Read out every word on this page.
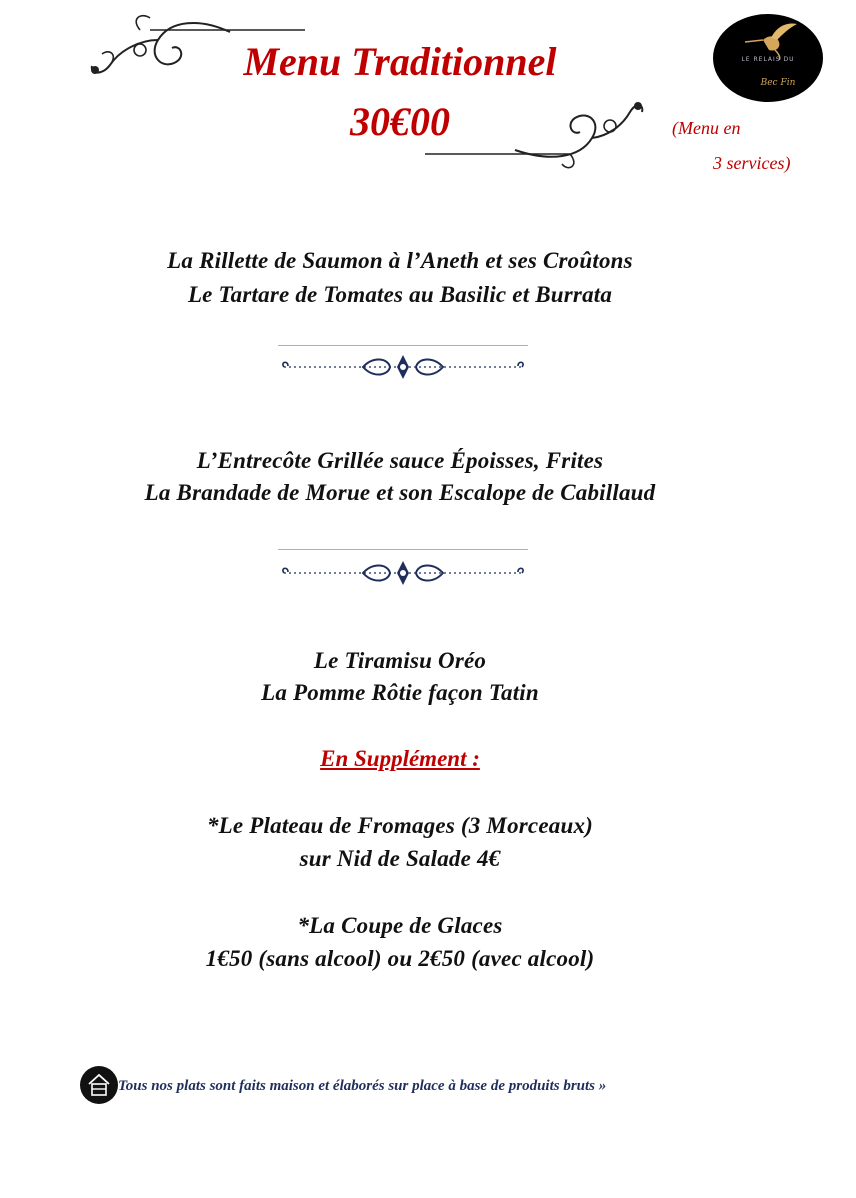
Menu Traditionnel
30€00	(Menu en
3 services)
LE RELAIS DU
Bec Fin
La Rillette de Saumon à l’Aneth et ses Croûtons
Le Tartare de Tomates au Basilic et Burrata
L’Entrecôte Grillée sauce Époisses, Frites
La Brandade de Morue et son Escalope de Cabillaud
Le Tiramisu Oréo
La Pomme Rôtie façon Tatin
En Supplément :
*Le Plateau de Fromages (3 Morceaux)
sur Nid de Salade 4€
*La Coupe de Glaces
1€50 (sans alcool) ou 2€50 (avec alcool)
Tous nos plats sont faits maison et élaborés sur place à base de produits bruts »
